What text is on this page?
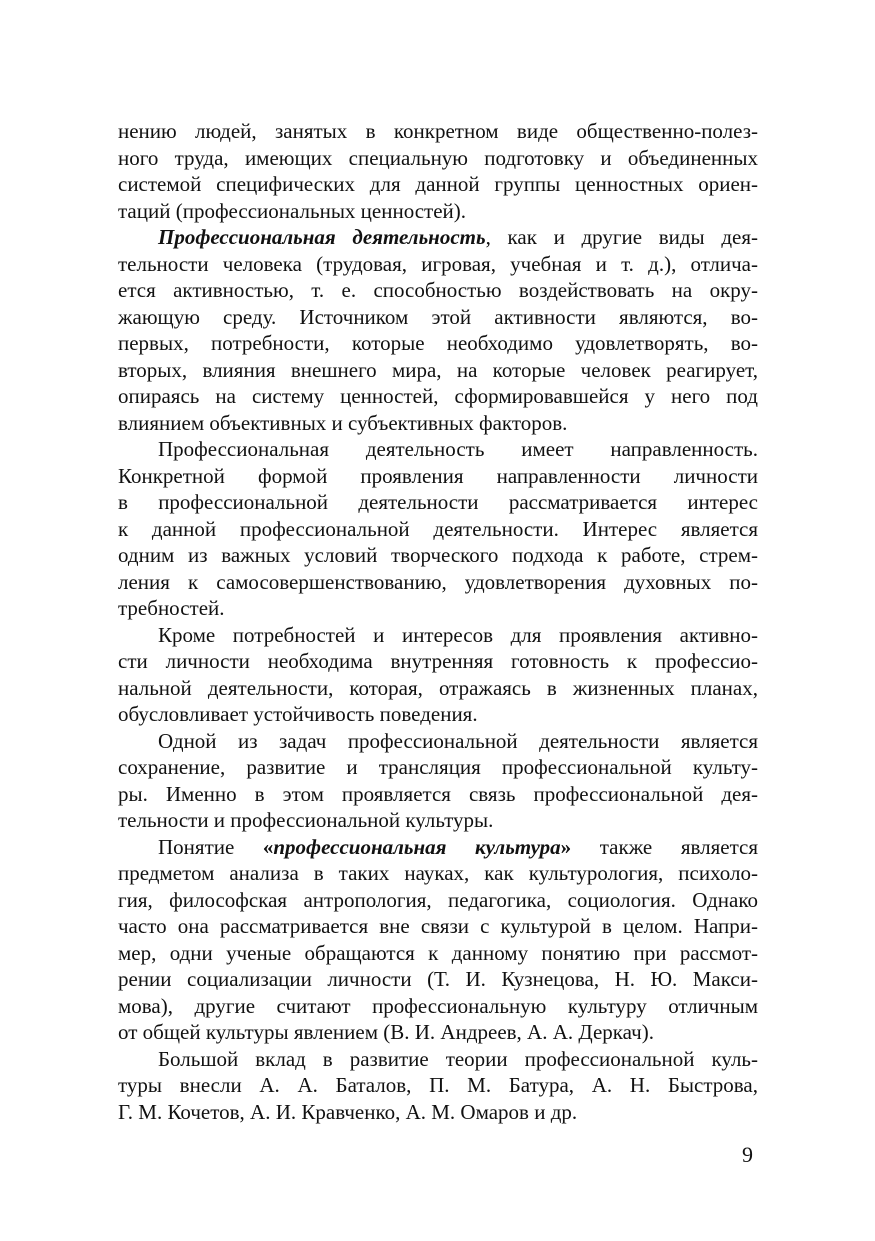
нению людей, занятых в конкретном виде общественно-полез-
ного труда, имеющих специальную подготовку и объединенных
системой специфических для данной группы ценностных ориен-
таций (профессиональных ценностей).
Профессиональная деятельность, как и другие виды дея-
тельности человека (трудовая, игровая, учебная и т. д.), отлича-
ется активностью, т. е. способностью воздействовать на окру-
жающую среду. Источником этой активности являются, во-
первых, потребности, которые необходимо удовлетворять, во-
вторых, влияния внешнего мира, на которые человек реагирует,
опираясь на систему ценностей, сформировавшейся у него под
влиянием объективных и субъективных факторов.
Профессиональная деятельность имеет направленность.
Конкретной формой проявления направленности личности
в профессиональной деятельности рассматривается интерес
к данной профессиональной деятельности. Интерес является
одним из важных условий творческого подхода к работе, стрем-
ления к самосовершенствованию, удовлетворения духовных по-
требностей.
Кроме потребностей и интересов для проявления активно-
сти личности необходима внутренняя готовность к профессио-
нальной деятельности, которая, отражаясь в жизненных планах,
обусловливает устойчивость поведения.
Одной из задач профессиональной деятельности является
сохранение, развитие и трансляция профессиональной культу-
ры. Именно в этом проявляется связь профессиональной дея-
тельности и профессиональной культуры.
Понятие «профессиональная культура» также является
предметом анализа в таких науках, как культурология, психоло-
гия, философская антропология, педагогика, социология. Однако
часто она рассматривается вне связи с культурой в целом. Напри-
мер, одни ученые обращаются к данному понятию при рассмот-
рении социализации личности (Т. И. Кузнецова, Н. Ю. Макси-
мова), другие считают профессиональную культуру отличным
от общей культуры явлением (В. И. Андреев, А. А. Деркач).
Большой вклад в развитие теории профессиональной куль-
туры внесли А. А. Баталов, П. М. Батура, А. Н. Быстрова,
Г. М. Кочетов, А. И. Кравченко, А. М. Омаров и др.
9
